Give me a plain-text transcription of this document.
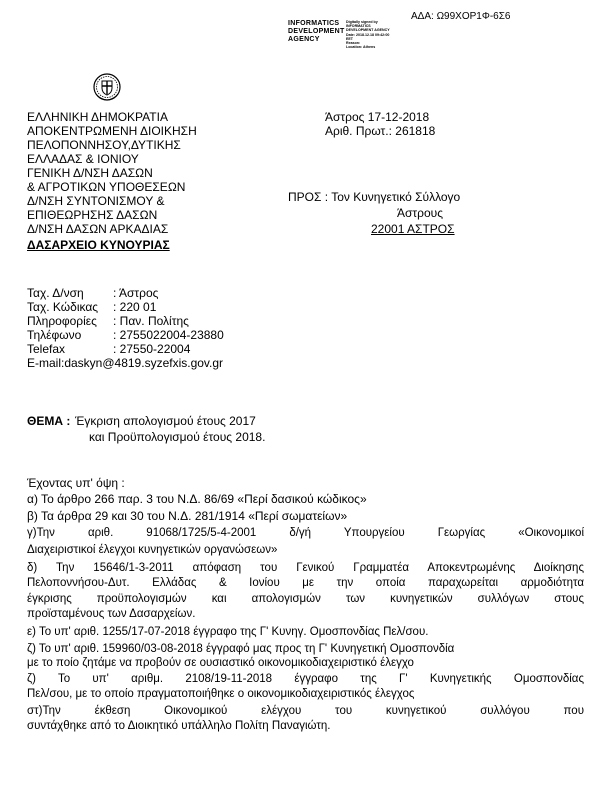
ΑΔΑ: Ω99ΧΟΡ1Φ-6Σ6
INFORMATICS
DEVELOPMENT
AGENCY
Digitally signed by
INFORMATICS
DEVELOPMENT AGENCY
Date: 2018.12.18 09:42:00
EET
Reason:
Location: Athens
ΕΛΛΗΝΙΚΗ ΔΗΜΟΚΡΑΤΙΑ
ΑΠΟΚΕΝΤΡΩΜΕΝΗ ΔΙΟΙΚΗΣΗ
ΠΕΛΟΠΟΝΝΗΣΟΥ,ΔΥΤΙΚΗΣ
ΕΛΛΑΔΑΣ & ΙΟΝΙΟΥ
ΓΕΝΙΚΗ Δ/ΝΣΗ ΔΑΣΩΝ
& ΑΓΡΟΤΙΚΩΝ ΥΠΟΘΕΣΕΩΝ
Δ/ΝΣΗ ΣΥΝΤΟΝΙΣΜΟΥ &
ΕΠΙΘΕΩΡΗΣΗΣ ΔΑΣΩΝ
Δ/ΝΣΗ ΔΑΣΩΝ ΑΡΚΑΔΙΑΣ
ΔΑΣΑΡΧΕΙΟ ΚΥΝΟΥΡΙΑΣ
Άστρος 17-12-2018
Αριθ. Πρωτ.: 261818
ΠΡΟΣ : Τον Κυνηγετικό Σύλλογο
Άστρους
22001 ΑΣΤΡΟΣ
Ταχ. Δ/νση : Άστρος
Ταχ. Κώδικας : 220 01
Πληροφορίες : Παν. Πολίτης
Τηλέφωνο	: 2755022004-23880
Telefax	: 27550-22004
E-mail:daskyn@4819.syzefxis.gov.gr
ΘΕΜΑ : Έγκριση απολογισμού έτους 2017
και Προϋπολογισμού έτους 2018.
Έχοντας υπ' όψη :
α) Το άρθρο 266 παρ. 3 του Ν.Δ. 86/69 «Περί δασικού κώδικος»
β) Τα άρθρα 29 και 30 του Ν.Δ. 281/1914 «Περί σωματείων»
γ)Την αριθ. 91068/1725/5-4-2001 δ/γή Υπουργείου Γεωργίας «Οικονομικοί
Διαχειριστικοί έλεγχοι κυνηγετικών οργανώσεων»
δ) Την 15646/1-3-2011 απόφαση του Γενικού Γραμματέα Αποκεντρωμένης Διοίκησης
Πελοποννήσου-Δυτ. Ελλάδας & Ιονίου με την οποία παραχωρείται αρμοδιότητα
έγκρισης προϋπολογισμών και απολογισμών των κυνηγετικών συλλόγων στους
προϊσταμένους των Δασαρχείων.
ε) Το υπ' αριθ. 1255/17-07-2018 έγγραφο της Γ' Κυνηγ. Ομοσπονδίας Πελ/σου.
ζ) Το υπ' αριθ. 159960/03-08-2018 έγγραφό μας προς τη Γ' Κυνηγετική Ομοσπονδία
με το ποίο ζητάμε να προβούν σε ουσιαστικό οικονομικοδιαχειριστικό έλεγχο
ζ) Το υπ' αριθμ. 2108/19-11-2018 έγγραφο της Γ' Κυνηγετικής Ομοσπονδίας
Πελ/σου, με το οποίο πραγματοποιήθηκε ο οικονομικοδιαχειριστικός έλεγχος
στ)Την έκθεση Οικονομικού ελέγχου του κυνηγετικού συλλόγου που
συντάχθηκε από το Διοικητικό υπάλληλο Πολίτη Παναγιώτη.
